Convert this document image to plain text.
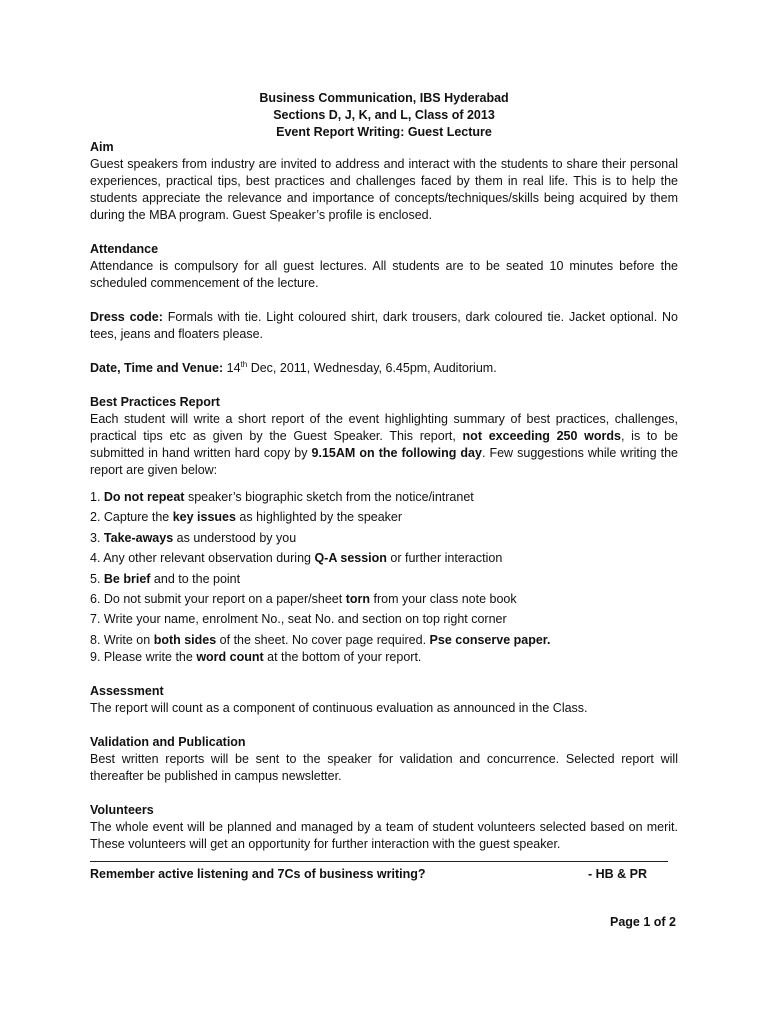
Business Communication, IBS Hyderabad
Sections D, J, K, and L, Class of 2013
Event Report Writing: Guest Lecture
Aim
Guest speakers from industry are invited to address and interact with the students to share their personal experiences, practical tips, best practices and challenges faced by them in real life. This is to help the students appreciate the relevance and importance of concepts/techniques/skills being acquired by them during the MBA program. Guest Speaker’s profile is enclosed.
Attendance
Attendance is compulsory for all guest lectures. All students are to be seated 10 minutes before the scheduled commencement of the lecture.
Dress code: Formals with tie. Light coloured shirt, dark trousers, dark coloured tie. Jacket optional. No tees, jeans and floaters please.
Date, Time and Venue: 14th Dec, 2011, Wednesday, 6.45pm, Auditorium.
Best Practices Report
Each student will write a short report of the event highlighting summary of best practices, challenges, practical tips etc as given by the Guest Speaker. This report, not exceeding 250 words, is to be submitted in hand written hard copy by 9.15AM on the following day. Few suggestions while writing the report are given below:
1. Do not repeat speaker’s biographic sketch from the notice/intranet
2. Capture the key issues as highlighted by the speaker
3. Take-aways as understood by you
4. Any other relevant observation during Q-A session or further interaction
5. Be brief and to the point
6. Do not submit your report on a paper/sheet torn from your class note book
7. Write your name, enrolment No., seat No. and section on top right corner
8. Write on both sides of the sheet. No cover page required. Pse conserve paper.
9. Please write the word count at the bottom of your report.
Assessment
The report will count as a component of continuous evaluation as announced in the Class.
Validation and Publication
Best written reports will be sent to the speaker for validation and concurrence. Selected report will thereafter be published in campus newsletter.
Volunteers
The whole event will be planned and managed by a team of student volunteers selected based on merit. These volunteers will get an opportunity for further interaction with the guest speaker.
Remember active listening and 7Cs of business writing?	- HB & PR
Page 1 of 2
